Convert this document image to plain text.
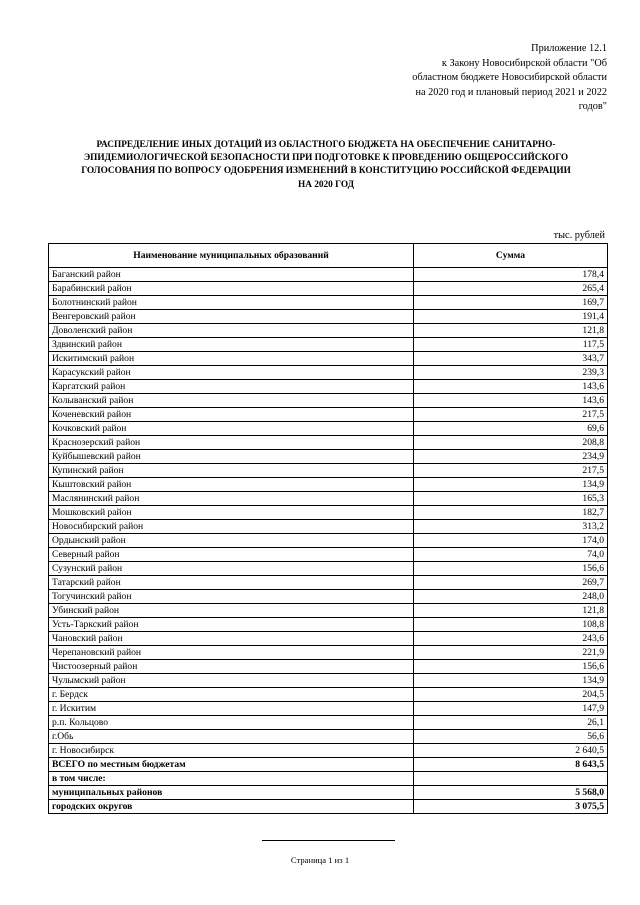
Приложение 12.1
к Закону Новосибирской области "Об
областном бюджете Новосибирской области
на 2020 год и плановый период 2021 и 2022
годов"
РАСПРЕДЕЛЕНИЕ ИНЫХ ДОТАЦИЙ ИЗ ОБЛАСТНОГО БЮДЖЕТА НА ОБЕСПЕЧЕНИЕ САНИТАРНО-
ЭПИДЕМИОЛОГИЧЕСКОЙ БЕЗОПАСНОСТИ ПРИ ПОДГОТОВКЕ К ПРОВЕДЕНИЮ ОБЩЕРОССИЙСКОГО
ГОЛОСОВАНИЯ ПО ВОПРОСУ ОДОБРЕНИЯ ИЗМЕНЕНИЙ В КОНСТИТУЦИЮ РОССИЙСКОЙ ФЕДЕРАЦИИ
НА 2020 ГОД
тыс. рублей
Наименование муниципальных образований	Сумма
Баганский район	178,4
Барабинский район	265,4
Болотнинский район	169,7
Венгеровский район	191,4
Доволенский район	121,8
Здвинский район	117,5
Искитимский район	343,7
Карасукский район	239,3
Каргатский район	143,6
Колыванский район	143,6
Коченевский район	217,5
Кочковский район	69,6
Краснозерский район	208,8
Куйбышевский район	234,9
Купинский район	217,5
Кыштовский район	134,9
Маслянинский район	165,3
Мошковский район	182,7
Новосибирский район	313,2
Ордынский район	174,0
Северный район	74,0
Сузунский район	156,6
Татарский район	269,7
Тогучинский район	248,0
Убинский район	121,8
Усть-Таркский район	108,8
Чановский район	243,6
Черепановский район	221,9
Чистоозерный район	156,6
Чулымский район	134,9
г. Бердск	204,5
г. Искитим	147,9
р.п. Кольцово	26,1
г.Обь	56,6
г. Новосибирск	2 640,5
ВСЕГО по местным бюджетам	8 643,5
в том числе:	
муниципальных районов	5 568,0
городских округов	3 075,5
Страница 1 из 1
